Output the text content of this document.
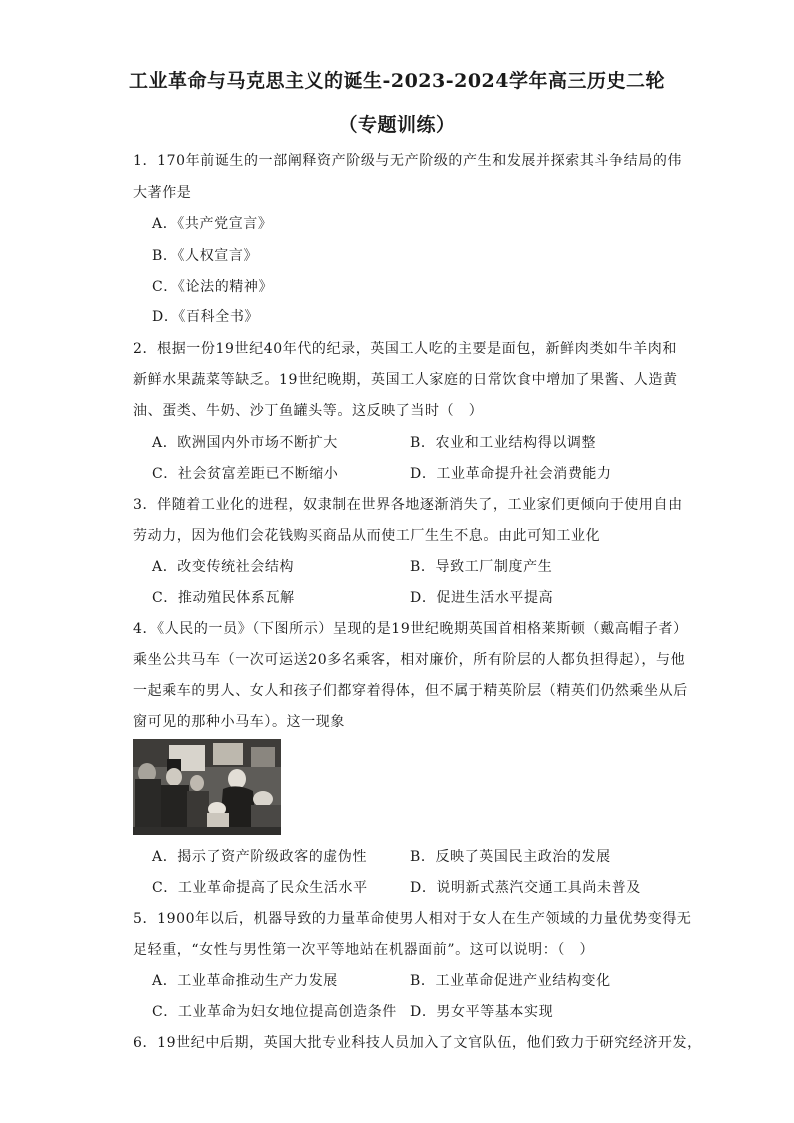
工业革命与马克思主义的诞生-2023-2024学年高三历史二轮
（专题训练）
1．170年前诞生的一部阐释资产阶级与无产阶级的产生和发展并探索其斗争结局的伟
大著作是
A．《共产党宣言》
B．《人权宣言》
C．《论法的精神》
D．《百科全书》
2．根据一份19世纪40年代的纪录，英国工人吃的主要是面包，新鲜肉类如牛羊肉和
新鲜水果蔬菜等缺乏。19世纪晚期，英国工人家庭的日常饮食中增加了果酱、人造黄
油、蛋类、牛奶、沙丁鱼罐头等。这反映了当时（　）
A．欧洲国内外市场不断扩大	B．农业和工业结构得以调整
C．社会贫富差距已不断缩小	D．工业革命提升社会消费能力
3．伴随着工业化的进程，奴隶制在世界各地逐渐消失了，工业家们更倾向于使用自由
劳动力，因为他们会花钱购买商品从而使工厂生生不息。由此可知工业化
A．改变传统社会结构	B．导致工厂制度产生
C．推动殖民体系瓦解	D．促进生活水平提高
4．《人民的一员》（下图所示）呈现的是19世纪晚期英国首相格莱斯顿（戴高帽子者）
乘坐公共马车（一次可运送20多名乘客，相对廉价，所有阶层的人都负担得起），与他
一起乘车的男人、女人和孩子们都穿着得体，但不属于精英阶层（精英们仍然乘坐从后
窗可见的那种小马车）。这一现象
A．揭示了资产阶级政客的虚伪性	B．反映了英国民主政治的发展
C．工业革命提高了民众生活水平	D．说明新式蒸汽交通工具尚未普及
5．1900年以后，机器导致的力量革命使男人相对于女人在生产领域的力量优势变得无
足轻重，“女性与男性第一次平等地站在机器面前”。这可以说明：（　）
A．工业革命推动生产力发展	B．工业革命促进产业结构变化
C．工业革命为妇女地位提高创造条件 D．男女平等基本实现
6．19世纪中后期，英国大批专业科技人员加入了文官队伍，他们致力于研究经济开发，
